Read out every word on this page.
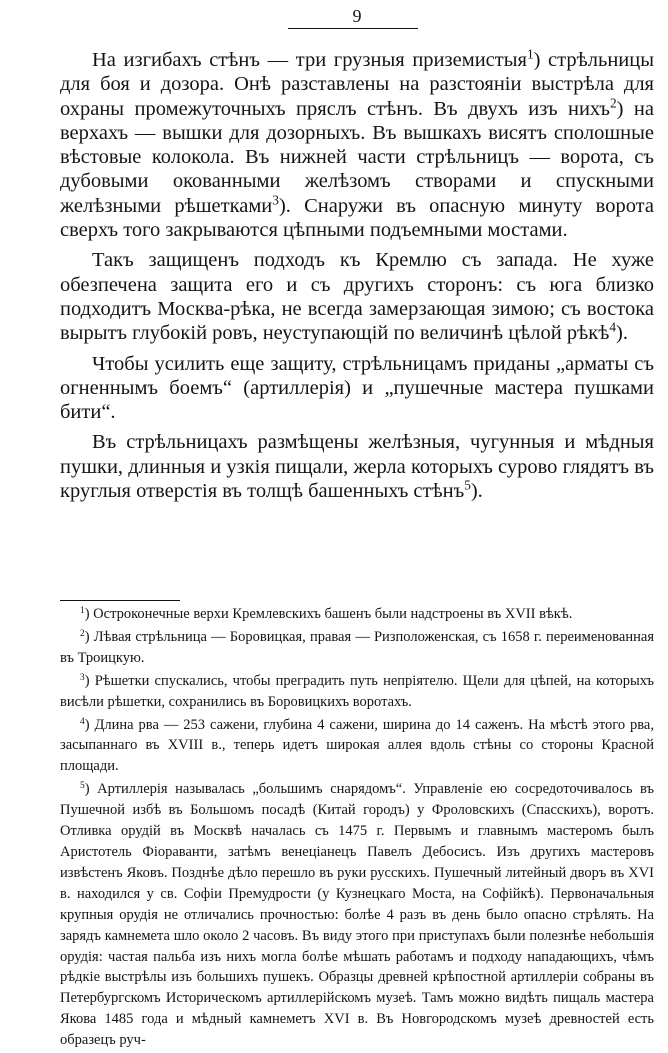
9

На изгибахъ стѣнъ — три грузныя приземистыя$^1$) стрѣльницы для боя и дозора. Онѣ разставлены на разстояніи выстрѣла для охраны промежуточныхъ пряслъ стѣнъ. Въ двухъ изъ нихъ$^2$) на верхахъ — вышки для дозорныхъ. Въ вышкахъ висятъ сполошные вѣстовые колокола. Въ нижней части стрѣльницъ — ворота, съ дубовыми окованными желѣзомъ створами и спускными желѣзными рѣшетками$^3$). Снаружи въ опасную минуту ворота сверхъ того закрываются цѣпными подъемными мостами.

Такъ защищенъ подходъ къ Кремлю съ запада. Не хуже обезпечена защита его и съ другихъ сторонъ: съ юга близко подходитъ Москва-рѣка, не всегда замерзающая зимою; съ востока вырытъ глубокій ровъ, неуступающій по величинѣ цѣлой рѣкѣ$^4$).

Чтобы усилить еще защиту, стрѣльницамъ приданы „арматы съ огненнымъ боемъ“ (артиллерія) и „пушечные мастера пушками бити“.

Въ стрѣльницахъ размѣщены желѣзныя, чугунныя и мѣдныя пушки, длинныя и узкія пищали, жерла которыхъ сурово глядятъ въ круглыя отверстія въ толщѣ башенныхъ стѣнъ$^5$).

$^1$) Остроконечные верхи Кремлевскихъ башенъ были надстроены въ XVII вѣкѣ.

$^2$) Лѣвая стрѣльница — Боровицкая, правая — Ризположенская, съ 1658 г. переименованная въ Троицкую.

$^3$) Рѣшетки спускались, чтобы преградить путь непріятелю. Щели для цѣпей, на которыхъ висѣли рѣшетки, сохранились въ Боровицкихъ воротахъ.

$^4$) Длина рва — 253 сажени, глубина 4 сажени, ширина до 14 саженъ. На мѣстѣ этого рва, засыпаннаго въ XVIII в., теперь идетъ широкая аллея вдоль стѣны со стороны Красной площади.

$^5$) Артиллерія называлась „большимъ снарядомъ“. Управленіе ею сосредоточивалось въ Пушечной избѣ въ Большомъ посадѣ (Китай городъ) у Фроловскихъ (Спасскихъ), воротъ. Отливка орудій въ Москвѣ началась съ 1475 г. Первымъ и главнымъ мастеромъ былъ Аристотель Фіораванти, затѣмъ венеціанецъ Павелъ Дебосисъ. Изъ другихъ мастеровъ извѣстенъ Яковъ. Позднѣе дѣло перешло въ руки русскихъ. Пушечный литейный дворъ въ XVI в. находился у св. Софіи Премудрости (у Кузнецкаго Моста, на Софійкѣ). Первоначальныя крупныя орудія не отличались прочностью: болѣе 4 разъ въ день было опасно стрѣлять. На зарядъ камнемета шло около 2 часовъ. Въ виду этого при приступахъ были полезнѣе небольшія орудія: частая пальба изъ нихъ могла болѣе мѣшать работамъ и подходу нападающихъ, чѣмъ рѣдкіе выстрѣлы изъ большихъ пушекъ. Образцы древней крѣпостной артиллеріи собраны въ Петербургскомъ Историческомъ артиллерійскомъ музеѣ. Тамъ можно видѣть пищаль мастера Якова 1485 года и мѣдный камнеметъ XVI в. Въ Новгородскомъ музеѣ древностей есть образецъ руч-
